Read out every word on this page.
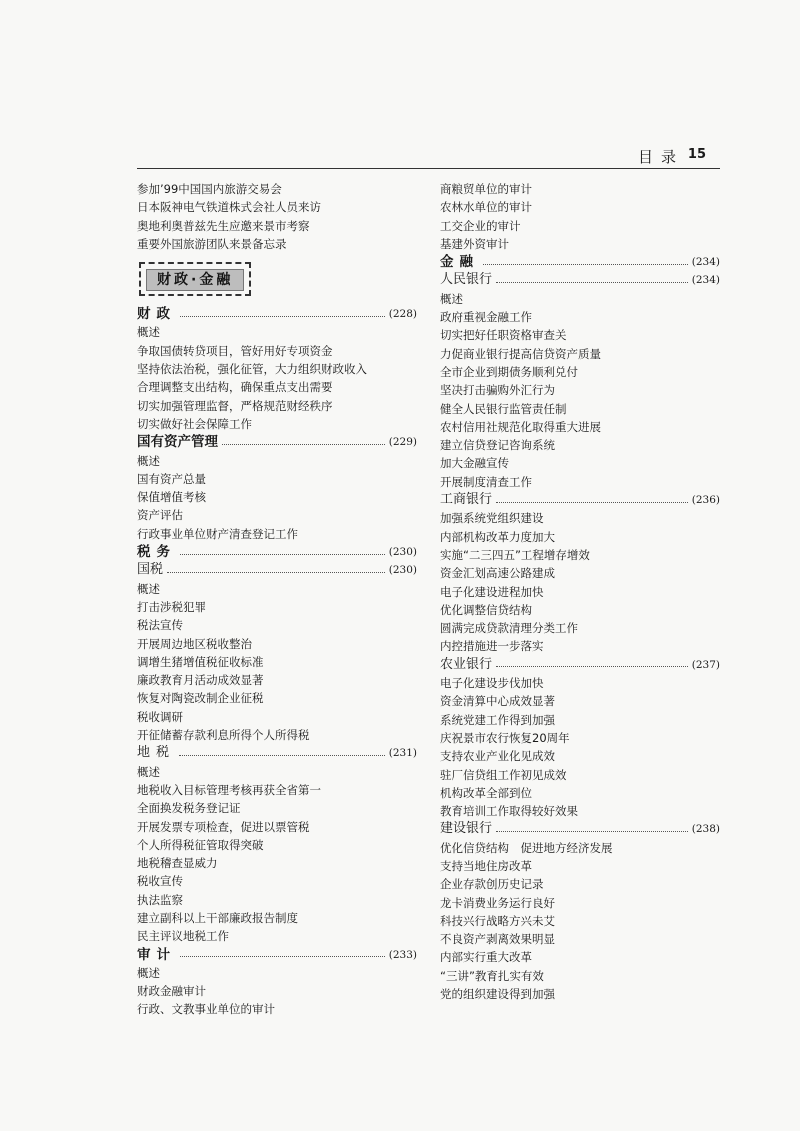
目录 15
参加’99中国国内旅游交易会
日本阪神电气铁道株式会社人员来访
奥地利奥普兹先生应邀来景市考察
重要外国旅游团队来景备忘录
财政·金融
财政	(228)
概述
争取国债转贷项目，管好用好专项资金
坚持依法治税，强化征管，大力组织财政收入
合理调整支出结构，确保重点支出需要
切实加强管理监督，严格规范财经秩序
切实做好社会保障工作
国有资产管理	(229)
概述
国有资产总量
保值增值考核
资产评估
行政事业单位财产清查登记工作
税务	(230)
国税	(230)
概述
打击涉税犯罪
税法宣传
开展周边地区税收整治
调增生猪增值税征收标准
廉政教育月活动成效显著
恢复对陶瓷改制企业征税
税收调研
开征储蓄存款利息所得个人所得税
地税	(231)
概述
地税收入目标管理考核再获全省第一
全面换发税务登记证
开展发票专项检查，促进以票管税
个人所得税征管取得突破
地税稽查显威力
税收宣传
执法监察
建立副科以上干部廉政报告制度
民主评议地税工作
审计	(233)
概述
财政金融审计
行政、文教事业单位的审计
商粮贸单位的审计
农林水单位的审计
工交企业的审计
基建外资审计
金融	(234)
人民银行	(234)
概述
政府重视金融工作
切实把好任职资格审查关
力促商业银行提高信贷资产质量
全市企业到期债务顺利兑付
坚决打击骗购外汇行为
健全人民银行监管责任制
农村信用社规范化取得重大进展
建立信贷登记咨询系统
加大金融宣传
开展制度清查工作
工商银行	(236)
加强系统党组织建设
内部机构改革力度加大
实施“二三四五”工程增存增效
资金汇划高速公路建成
电子化建设进程加快
优化调整信贷结构
圆满完成贷款清理分类工作
内控措施进一步落实
农业银行	(237)
电子化建设步伐加快
资金清算中心成效显著
系统党建工作得到加强
庆祝景市农行恢复20周年
支持农业产业化见成效
驻厂信贷组工作初见成效
机构改革全部到位
教育培训工作取得较好效果
建设银行	(238)
优化信贷结构　促进地方经济发展
支持当地住房改革
企业存款创历史记录
龙卡消费业务运行良好
科技兴行战略方兴未艾
不良资产剥离效果明显
内部实行重大改革
“三讲”教育扎实有效
党的组织建设得到加强
